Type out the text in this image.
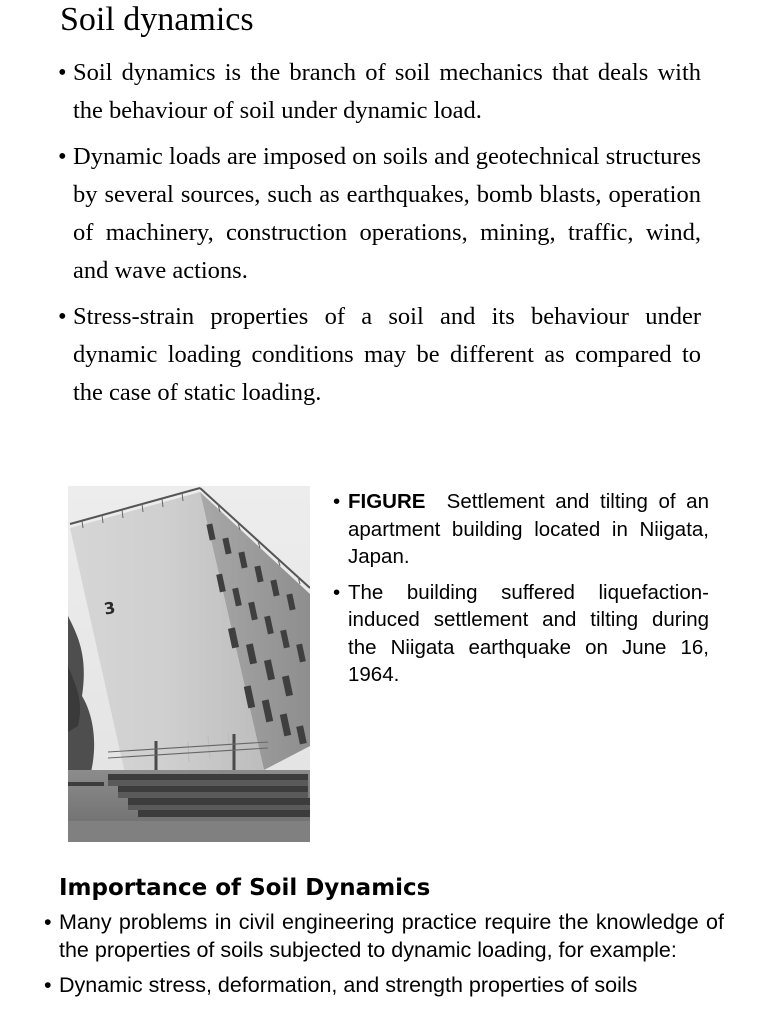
Soil dynamics
• Soil dynamics is the branch of soil mechanics that deals with the behaviour of soil under dynamic load.
• Dynamic loads are imposed on soils and geotechnical structures by several sources, such as earthquakes, bomb blasts, operation of machinery, construction operations, mining, traffic, wind, and wave actions.
• Stress-strain properties of a soil and its behaviour under dynamic loading conditions may be different as compared to the case of static loading.
3
• FIGURE Settlement and tilting of an apartment building located in Niigata, Japan.
• The building suffered liquefaction-induced settlement and tilting during the Niigata earthquake on June 16, 1964.
Importance of Soil Dynamics
• Many problems in civil engineering practice require the knowledge of the properties of soils subjected to dynamic loading, for example:
• Dynamic stress, deformation, and strength properties of soils
